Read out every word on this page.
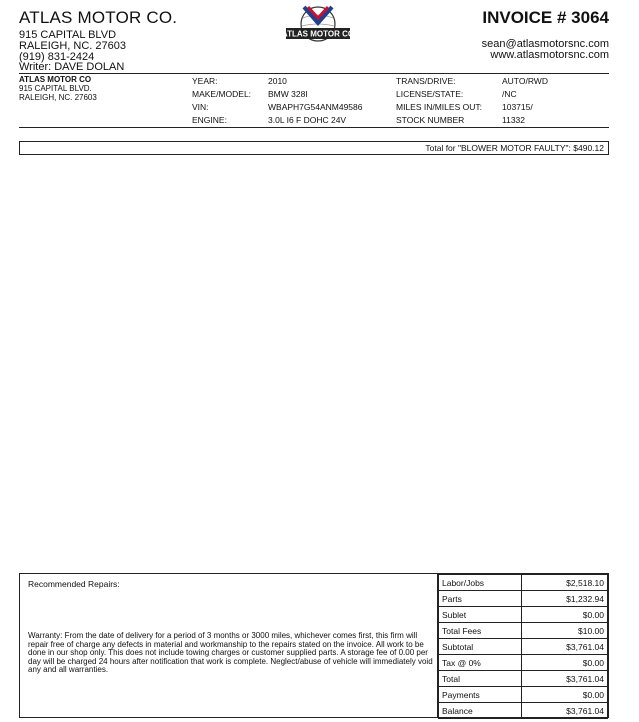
ATLAS MOTOR CO.
915 CAPITAL BLVD
RALEIGH, NC. 27603
(919) 831-2424
Writer: DAVE DOLAN
ATLAS MOTOR CO
INVOICE # 3064
sean@atlasmotorsnc.com
www.atlasmotorsnc.com
ATLAS MOTOR CO
915 CAPITAL BLVD.
RALEIGH, NC. 27603
YEAR:	2010
MAKE/MODEL: BMW 328I
VIN:	WBAPH7G54ANM49586
ENGINE:	3.0L I6 F DOHC 24V
TRANS/DRIVE:	AUTO/RWD
LICENSE/STATE:	/NC
MILES IN/MILES OUT: 103715/
STOCK NUMBER	11332
Total for "BLOWER MOTOR FAULTY": $490.12
Recommended Repairs:
Warranty: From the date of delivery for a period of 3 months or 3000 miles, whichever comes first, this firm will repair free of charge any defects in material and workmanship to the repairs stated on the invoice. All work to be done in our shop only. This does not include towing charges or customer supplied parts. A storage fee of 0.00 per day will be charged 24 hours after notification that work is complete. Neglect/abuse of vehicle will immediately void any and all warranties.
Labor/Jobs	$2,518.10
Parts	$1,232.94
Sublet	$0.00
Total Fees	$10.00
Subtotal	$3,761.04
Tax @ 0%	$0.00
Total	$3,761.04
Payments	$0.00
Balance	$3,761.04
